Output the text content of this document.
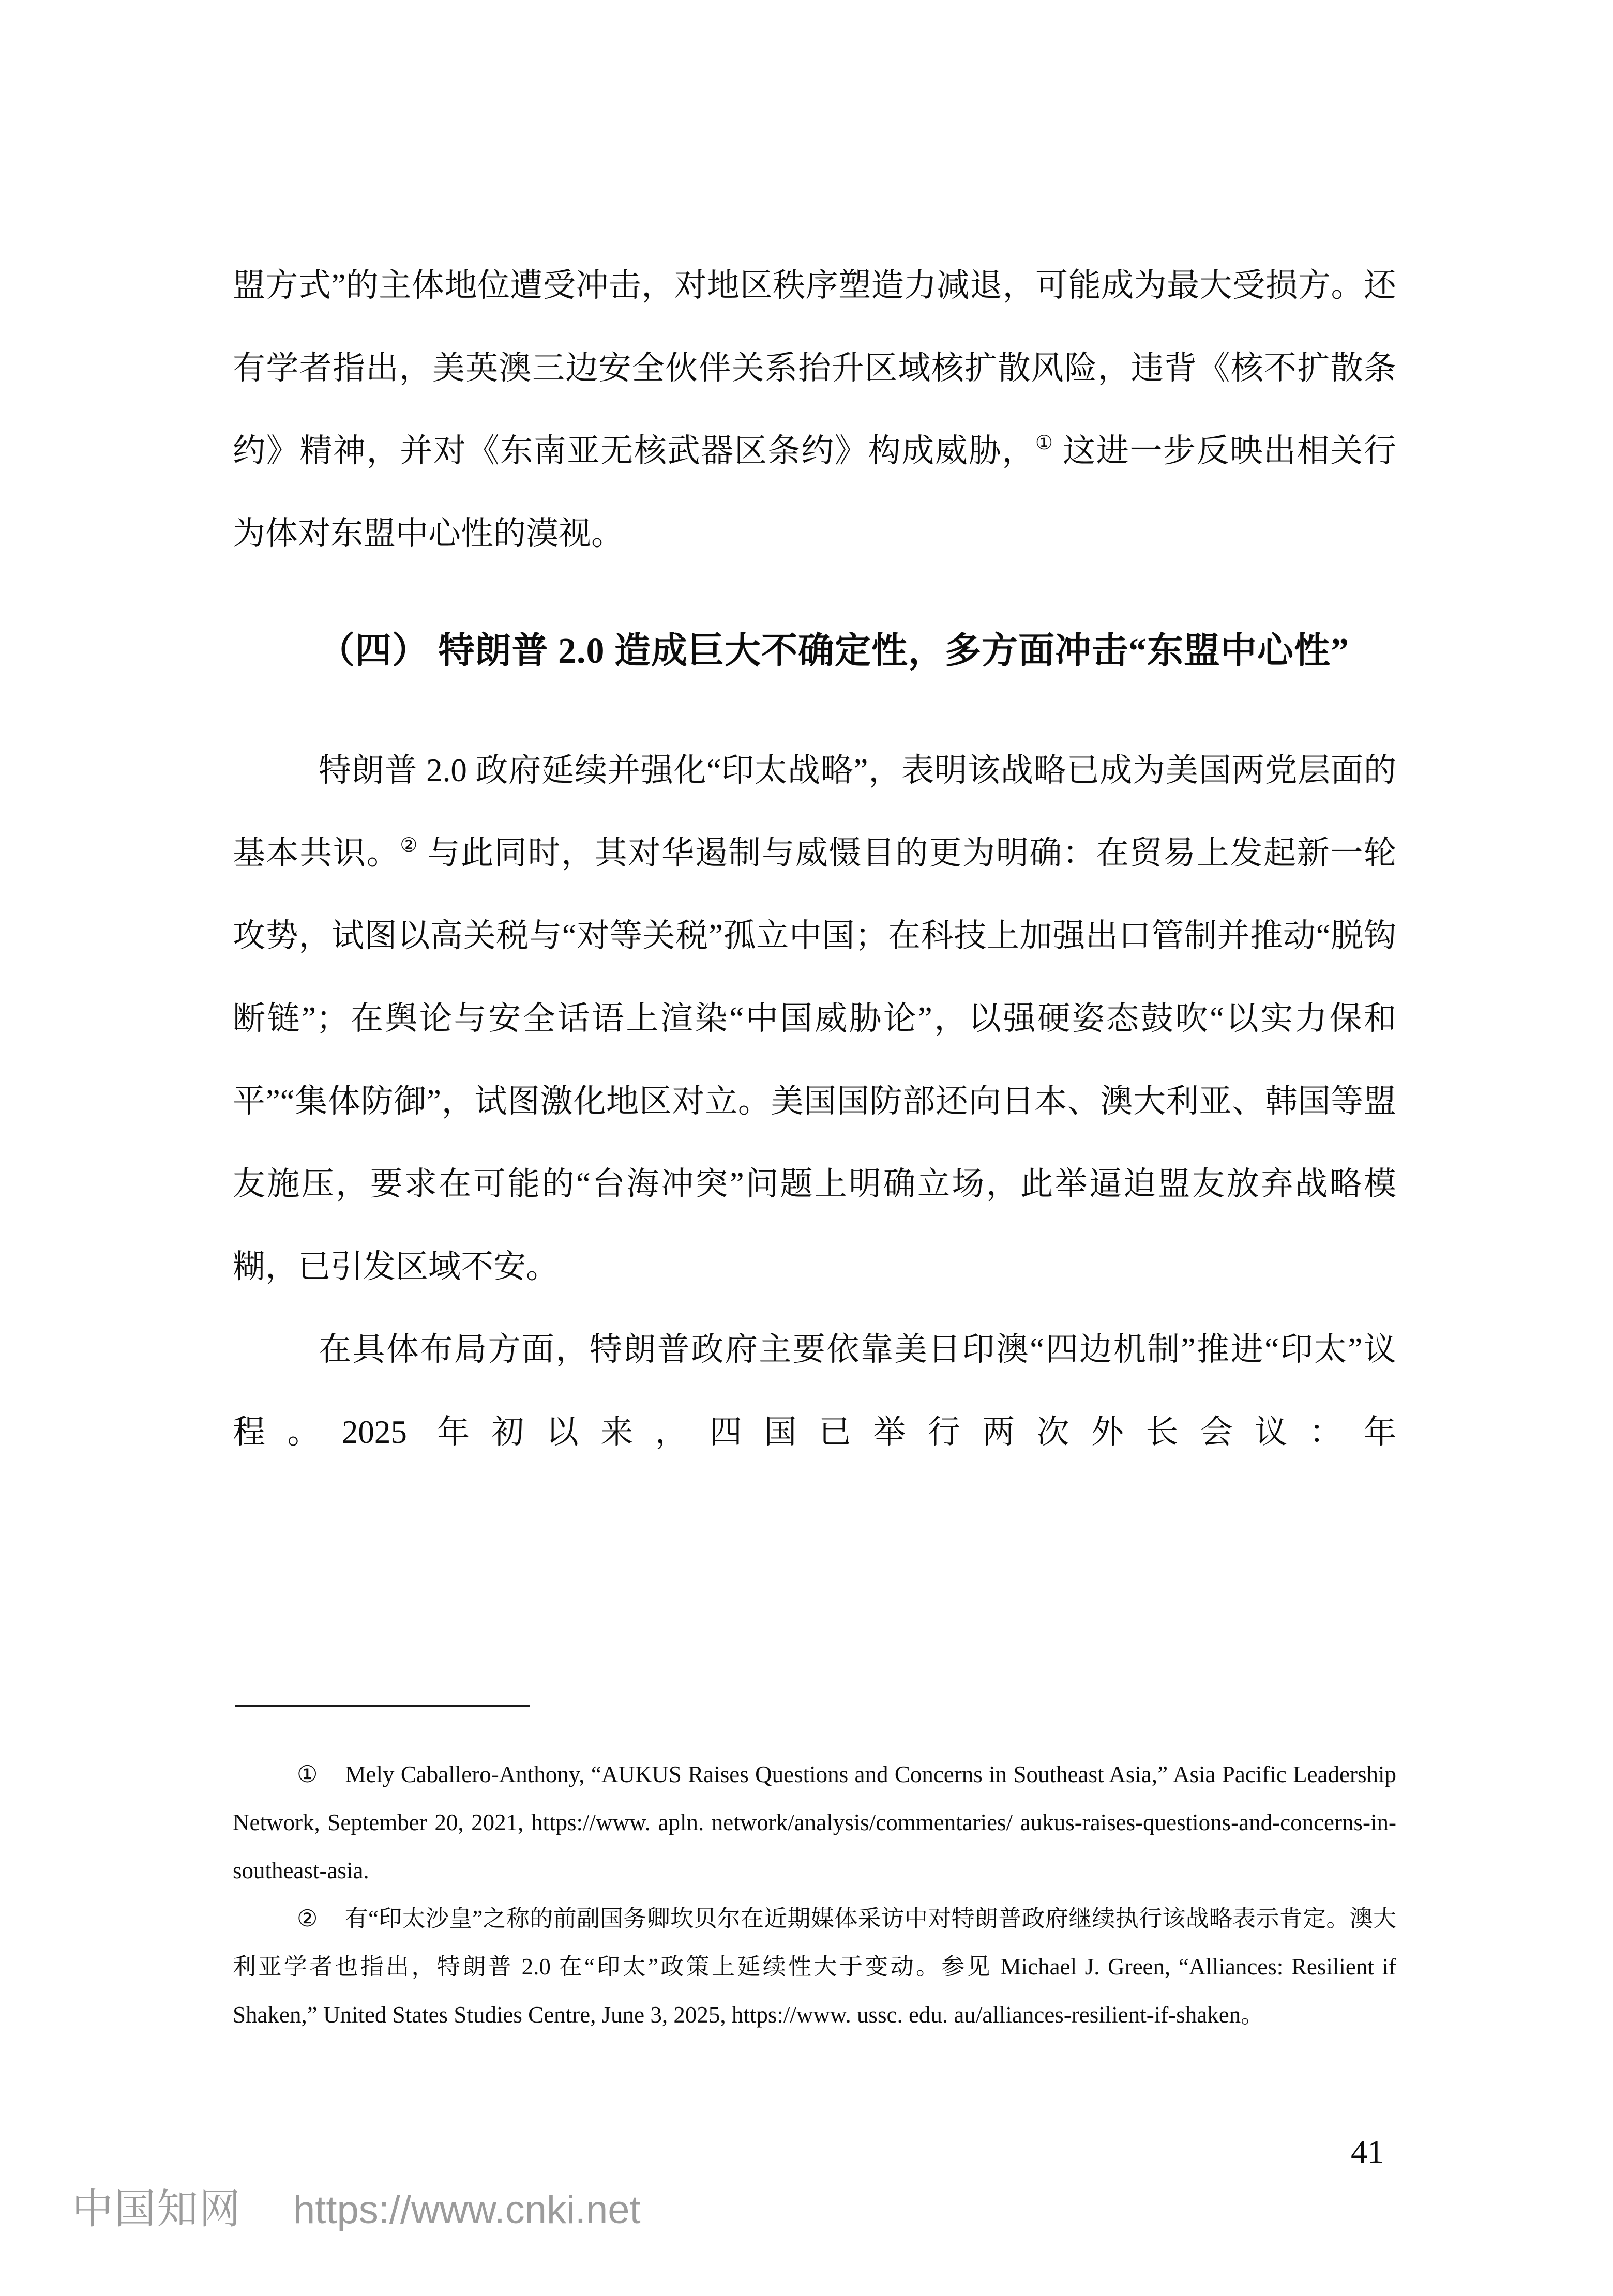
盟方式”的主体地位遭受冲击，对地区秩序塑造力减退，可能成为最大受损方。还有学者指出，美英澳三边安全伙伴关系抬升区域核扩散风险，违背《核不扩散条约》精神，并对《东南亚无核武器区条约》构成威胁，① 这进一步反映出相关行为体对东盟中心性的漠视。

（四） 特朗普 2.0 造成巨大不确定性，多方面冲击“东盟中心性”

特朗普 2.0 政府延续并强化“印太战略”，表明该战略已成为美国两党层面的基本共识。② 与此同时，其对华遏制与威慑目的更为明确：在贸易上发起新一轮攻势，试图以高关税与“对等关税”孤立中国；在科技上加强出口管制并推动“脱钩断链”；在舆论与安全话语上渲染“中国威胁论”，以强硬姿态鼓吹“以实力保和平”“集体防御”，试图激化地区对立。美国国防部还向日本、澳大利亚、韩国等盟友施压，要求在可能的“台海冲突”问题上明确立场，此举逼迫盟友放弃战略模糊，已引发区域不安。

在具体布局方面，特朗普政府主要依靠美日印澳“四边机制”推进“印太”议程。2025 年初以来，四国已举行两次外长会议：年

① Mely Caballero-Anthony, “AUKUS Raises Questions and Concerns in Southeast Asia,” Asia Pacific Leadership Network, September 20, 2021, https://www. apln. network/analysis/commentaries/ aukus-raises-questions-and-concerns-in-southeast-asia.

② 有“印太沙皇”之称的前副国务卿坎贝尔在近期媒体采访中对特朗普政府继续执行该战略表示肯定。澳大利亚学者也指出，特朗普 2.0 在“印太”政策上延续性大于变动。参见 Michael J. Green, “Alliances: Resilient if Shaken,” United States Studies Centre, June 3, 2025, https://www. ussc. edu. au/alliances-resilient-if-shaken。

41
中国知网 https://www.cnki.net
